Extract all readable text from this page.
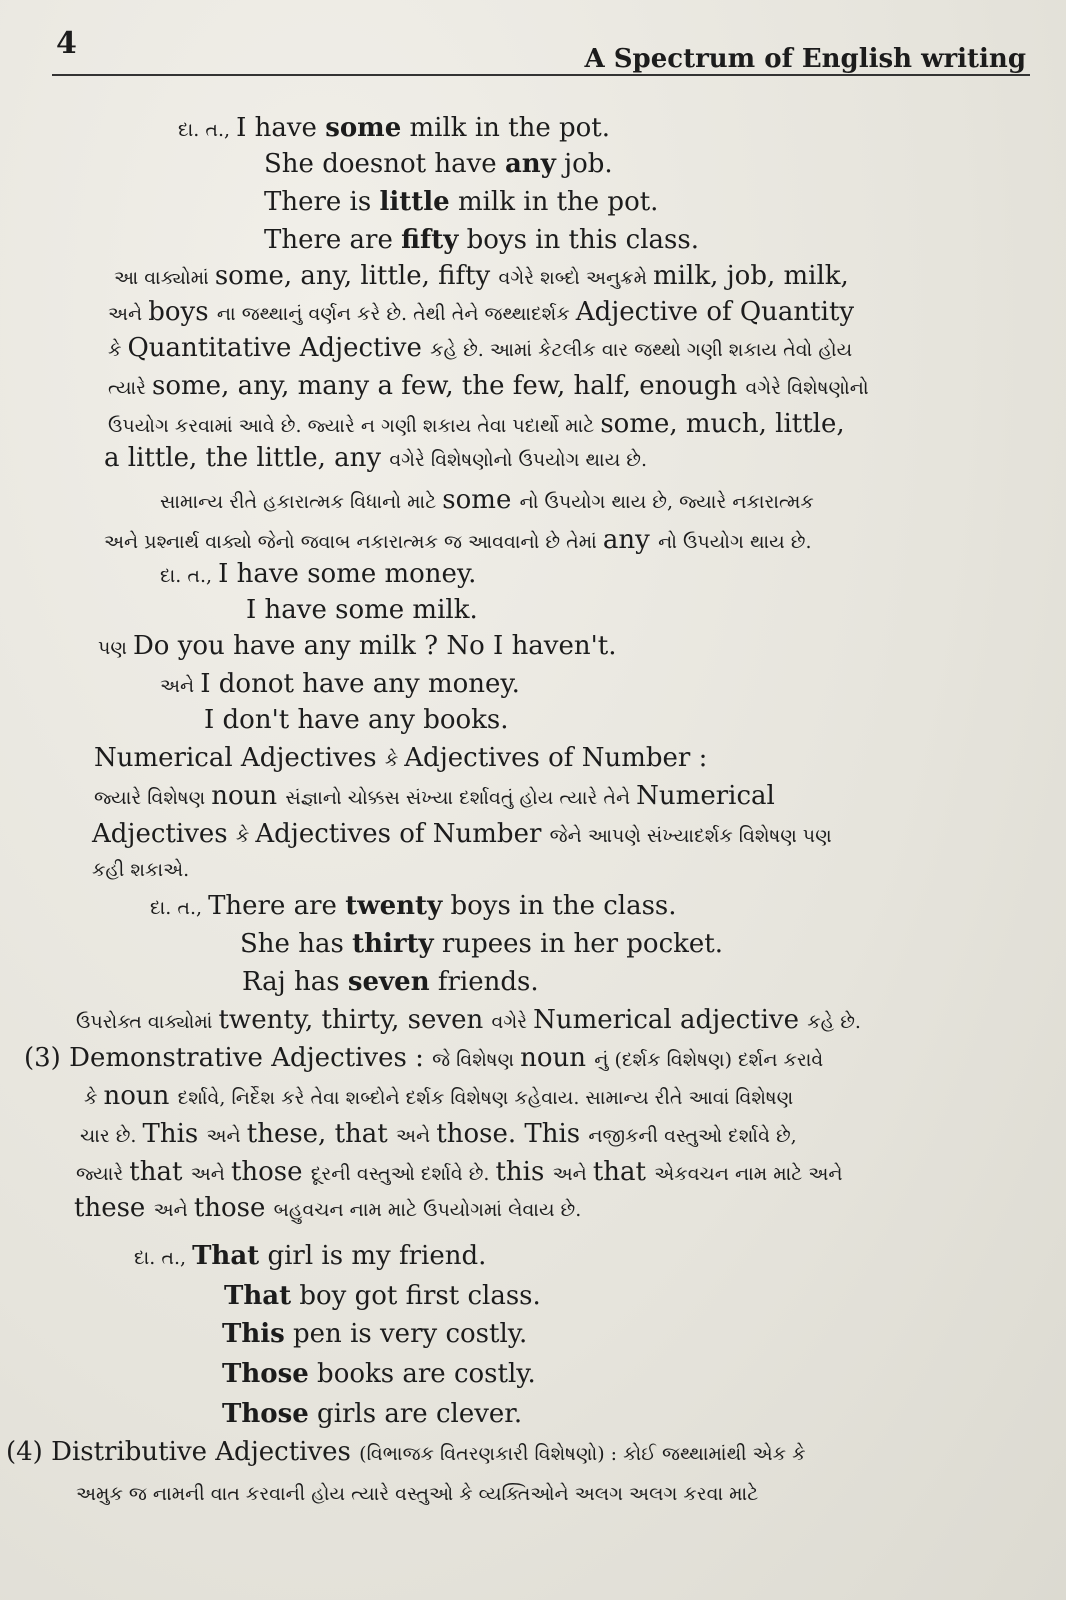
4	A Spectrum of English writing
દા. ત., I have some milk in the pot.
She doesnot have any job.
There is little milk in the pot.
There are fifty boys in this class.
આ વાક્યોમાં some, any, little, fifty વગેરે શબ્દો અનુક્રમે milk, job, milk,
અને boys ના જથ્થાનું વર્ણન કરે છે. તેથી તેને જથ્થાદર્શક Adjective of Quantity
કે Quantitative Adjective કહે છે. આમાં કેટલીક વાર જથ્થો ગણી શકાય તેવો હોય
ત્યારે some, any, many a few, the few, half, enough વગેરે વિશેષણોનો
ઉપયોગ કરવામાં આવે છે. જ્યારે ન ગણી શકાય તેવા પદાર્થો માટે some, much, little,
a little, the little, any વગેરે વિશેષણોનો ઉપયોગ થાય છે.
સામાન્ય રીતે હકારાત્મક વિધાનો માટે some નો ઉપયોગ થાય છે, જ્યારે નકારાત્મક
અને પ્રશ્નાર્થ વાક્યો જેનો જવાબ નકારાત્મક જ આવવાનો છે તેમાં any નો ઉપયોગ થાય છે.
દા. ત., I have some money.
I have some milk.
પણ Do you have any milk ? No I haven't.
અને I donot have any money.
I don't have any books.
Numerical Adjectives કે Adjectives of Number :
જ્યારે વિશેષણ noun સંજ્ઞાનો ચોક્કસ સંખ્યા દર્શાવતું હોય ત્યારે તેને Numerical
Adjectives કે Adjectives of Number જેને આપણે સંખ્યાદર્શક વિશેષણ પણ
કહી શકાએ.
દા. ત., There are twenty boys in the class.
She has thirty rupees in her pocket.
Raj has seven friends.
ઉપરોક્ત વાક્યોમાં twenty, thirty, seven વગેરે Numerical adjective કહે છે.
(3) Demonstrative Adjectives : જે વિશેષણ noun નું (દર્શક વિશેષણ) દર્શન કરાવે
કે noun દર્શાવે, નિર્દેશ કરે તેવા શબ્દોને દર્શક વિશેષણ કહેવાય. સામાન્ય રીતે આવાં વિશેષણ
ચાર છે. This અને these, that અને those. This નજીકની વસ્તુઓ દર્શાવે છે,
જ્યારે that અને those દૂરની વસ્તુઓ દર્શાવે છે. this અને that એકવચન નામ માટે અને
these અને those બહુવચન નામ માટે ઉપયોગમાં લેવાય છે.
દા. ત., That girl is my friend.
That boy got first class.
This pen is very costly.
Those books are costly.
Those girls are clever.
(4) Distributive Adjectives (વિભાજક વિતરણકારી વિશેષણો) : કોઈ જથ્થામાંથી એક કે
અમુક જ નામની વાત કરવાની હોય ત્યારે વસ્તુઓ કે વ્યક્તિઓને અલગ અલગ કરવા માટે
